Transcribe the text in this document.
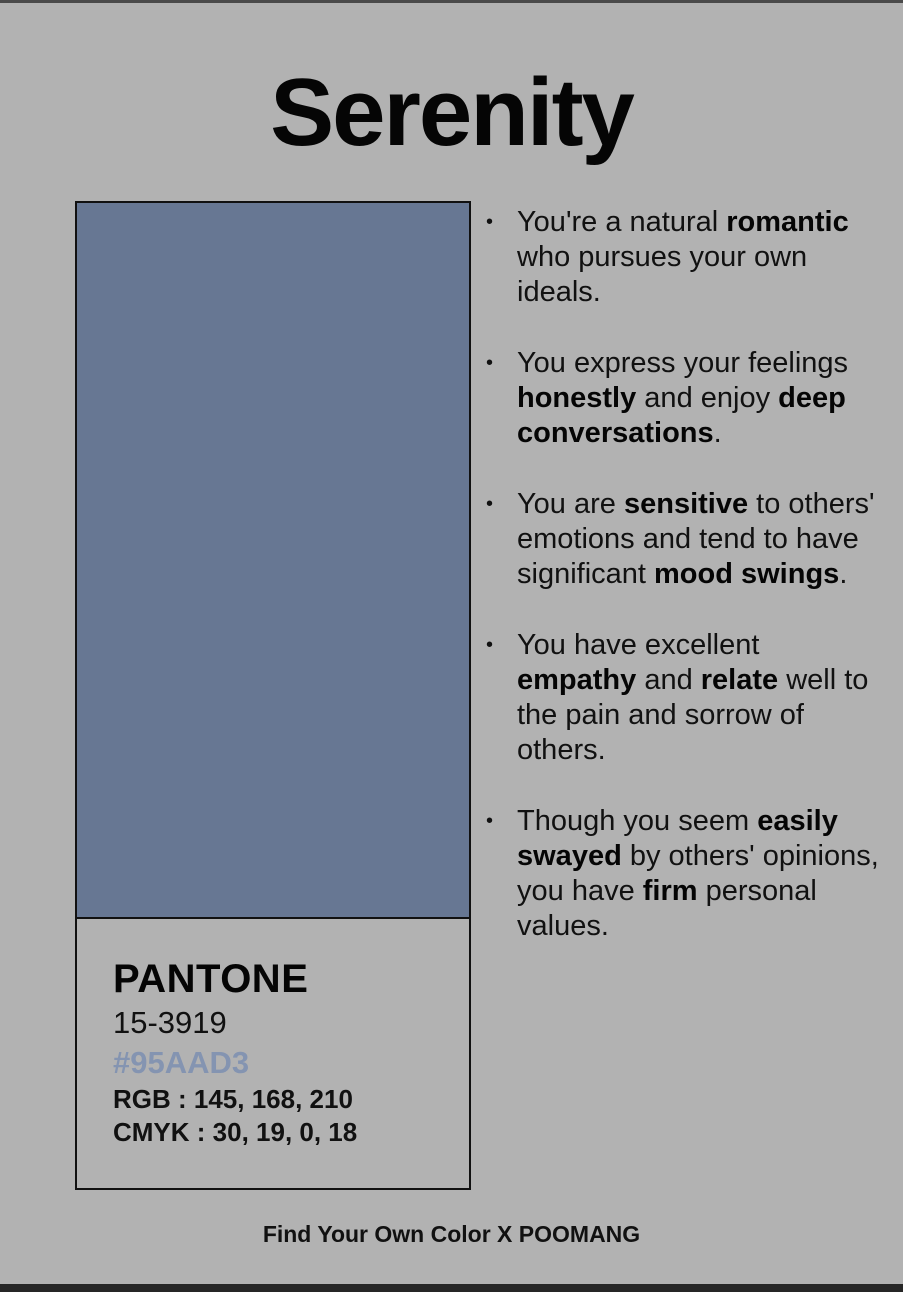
Serenity
PANTONE
15-3919
#95AAD3
RGB : 145, 168, 210
CMYK : 30, 19, 0, 18
• You're a natural romantic who pursues your own ideals.
• You express your feelings honestly and enjoy deep conversations.
• You are sensitive to others' emotions and tend to have significant mood swings.
• You have excellent empathy and relate well to the pain and sorrow of others.
• Though you seem easily swayed by others' opinions, you have firm personal values.
Find Your Own Color X POOMANG
